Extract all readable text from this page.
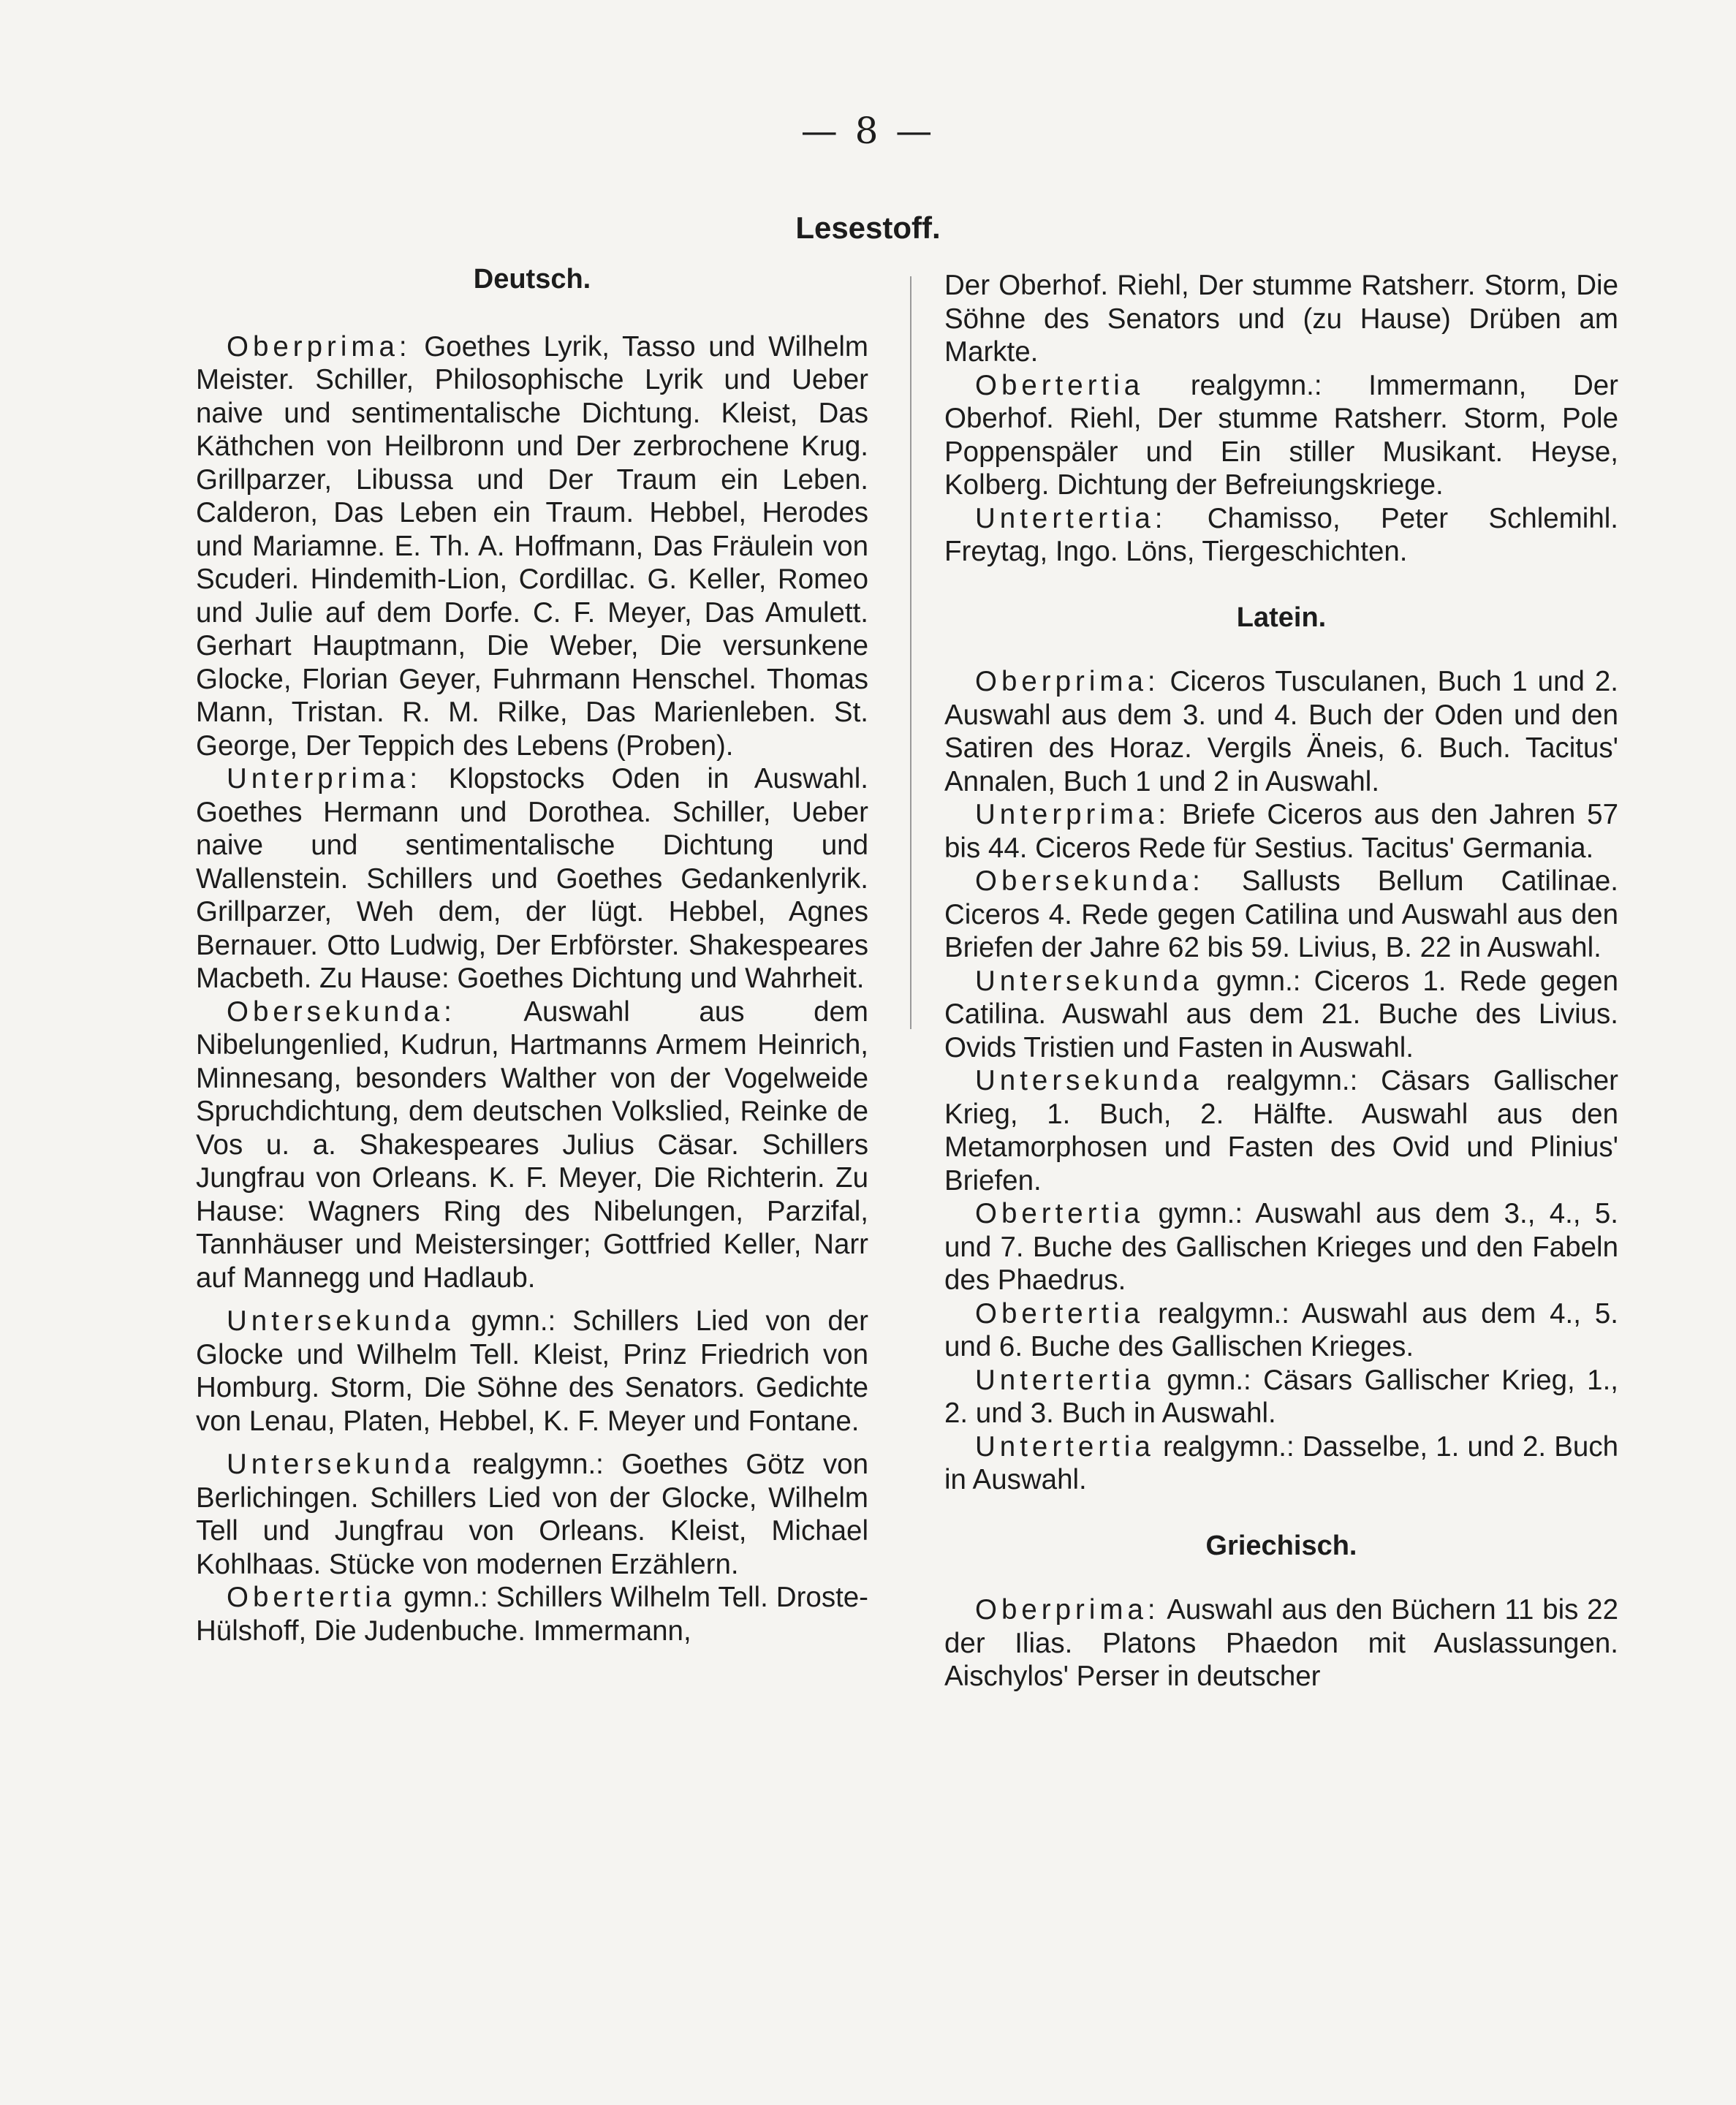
— 8 —
Lesestoff.
Deutsch.

Oberprima: Goethes Lyrik, Tasso und Wilhelm Meister. Schiller, Philosophische Lyrik und Ueber naive und sentimentalische Dichtung. Kleist, Das Käthchen von Heilbronn und Der zerbrochene Krug. Grillparzer, Libussa und Der Traum ein Leben. Calderon, Das Leben ein Traum. Hebbel, Herodes und Mariamne. E. Th. A. Hoffmann, Das Fräulein von Scuderi. Hindemith-Lion, Cordillac. G. Keller, Romeo und Julie auf dem Dorfe. C. F. Meyer, Das Amulett. Gerhart Hauptmann, Die Weber, Die versunkene Glocke, Florian Geyer, Fuhrmann Henschel. Thomas Mann, Tristan. R. M. Rilke, Das Marienleben. St. George, Der Teppich des Lebens (Proben).

Unterprima: Klopstocks Oden in Auswahl. Goethes Hermann und Dorothea. Schiller, Ueber naive und sentimentalische Dichtung und Wallenstein. Schillers und Goethes Gedankenlyrik. Grillparzer, Weh dem, der lügt. Hebbel, Agnes Bernauer. Otto Ludwig, Der Erbförster. Shakespeares Macbeth. Zu Hause: Goethes Dichtung und Wahrheit.

Obersekunda: Auswahl aus dem Nibelungenlied, Kudrun, Hartmanns Armem Heinrich, Minnesang, besonders Walther von der Vogelweide Spruchdichtung, dem deutschen Volkslied, Reinke de Vos u. a. Shakespeares Julius Cäsar. Schillers Jungfrau von Orleans. K. F. Meyer, Die Richterin. Zu Hause: Wagners Ring des Nibelungen, Parzifal, Tannhäuser und Meistersinger; Gottfried Keller, Narr auf Mannegg und Hadlaub.

Untersekunda gymn.: Schillers Lied von der Glocke und Wilhelm Tell. Kleist, Prinz Friedrich von Homburg. Storm, Die Söhne des Senators. Gedichte von Lenau, Platen, Hebbel, K. F. Meyer und Fontane.

Untersekunda realgymn.: Goethes Götz von Berlichingen. Schillers Lied von der Glocke, Wilhelm Tell und Jungfrau von Orleans. Kleist, Michael Kohlhaas. Stücke von modernen Erzählern.

Obertertia gymn.: Schillers Wilhelm Tell. Droste-Hülshoff, Die Judenbuche. Immermann,

Der Oberhof. Riehl, Der stumme Ratsherr. Storm, Die Söhne des Senators und (zu Hause) Drüben am Markte.

Obertertia realgymn.: Immermann, Der Oberhof. Riehl, Der stumme Ratsherr. Storm, Pole Poppenspäler und Ein stiller Musikant. Heyse, Kolberg. Dichtung der Befreiungskriege.

Untertertia: Chamisso, Peter Schlemihl. Freytag, Ingo. Löns, Tiergeschichten.

Latein.

Oberprima: Ciceros Tusculanen, Buch 1 und 2. Auswahl aus dem 3. und 4. Buch der Oden und den Satiren des Horaz. Vergils Äneis, 6. Buch. Tacitus' Annalen, Buch 1 und 2 in Auswahl.

Unterprima: Briefe Ciceros aus den Jahren 57 bis 44. Ciceros Rede für Sestius. Tacitus' Germania.

Obersekunda: Sallusts Bellum Catilinae. Ciceros 4. Rede gegen Catilina und Auswahl aus den Briefen der Jahre 62 bis 59. Livius, B. 22 in Auswahl.

Untersekunda gymn.: Ciceros 1. Rede gegen Catilina. Auswahl aus dem 21. Buche des Livius. Ovids Tristien und Fasten in Auswahl.

Untersekunda realgymn.: Cäsars Gallischer Krieg, 1. Buch, 2. Hälfte. Auswahl aus den Metamorphosen und Fasten des Ovid und Plinius' Briefen.

Obertertia gymn.: Auswahl aus dem 3., 4., 5. und 7. Buche des Gallischen Krieges und den Fabeln des Phaedrus.

Obertertia realgymn.: Auswahl aus dem 4., 5. und 6. Buche des Gallischen Krieges.

Untertertia gymn.: Cäsars Gallischer Krieg, 1., 2. und 3. Buch in Auswahl.

Untertertia realgymn.: Dasselbe, 1. und 2. Buch in Auswahl.

Griechisch.

Oberprima: Auswahl aus den Büchern 11 bis 22 der Ilias. Platons Phaedon mit Auslassungen. Aischylos' Perser in deutscher
